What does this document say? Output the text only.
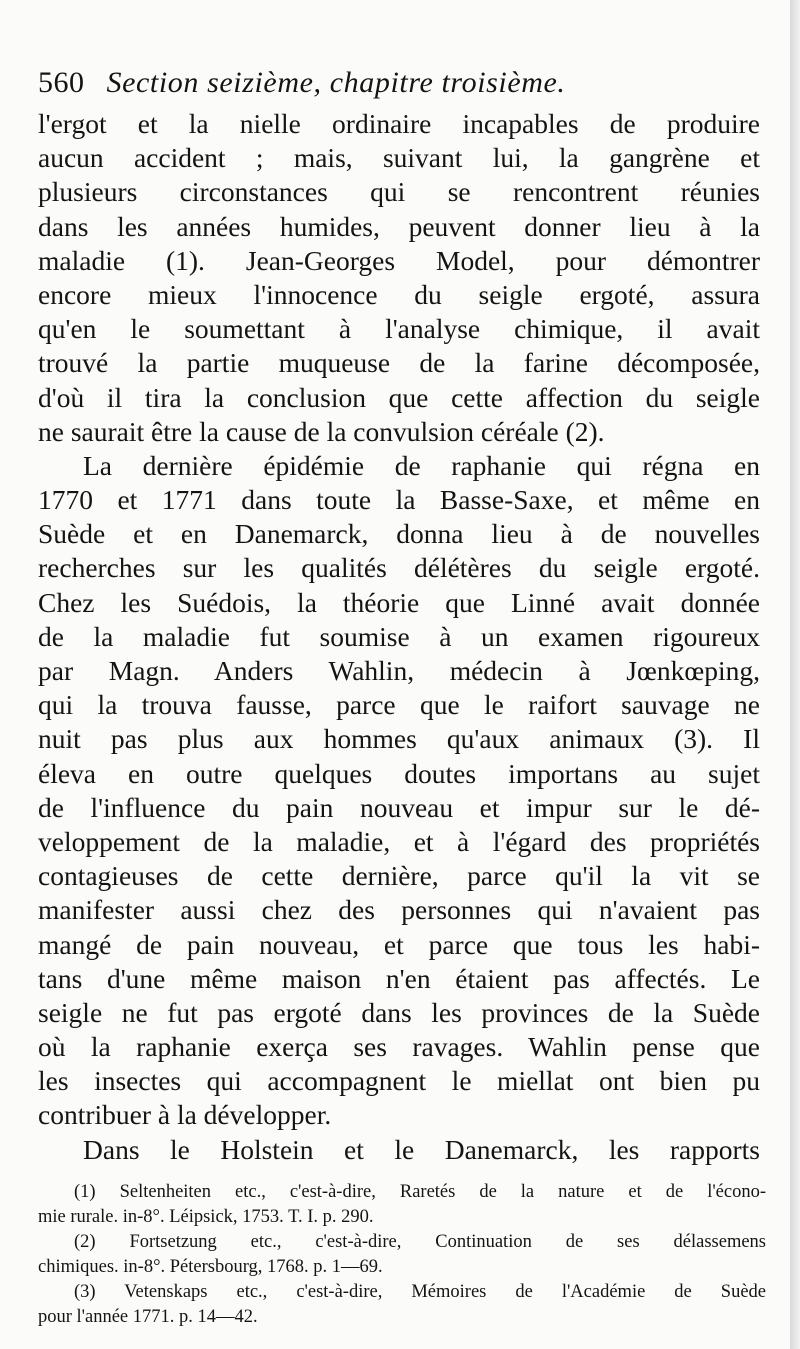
560 Section seizième, chapitre troisième.
l'ergot et la nielle ordinaire incapables de produire
aucun accident ; mais, suivant lui, la gangrène et
plusieurs circonstances qui se rencontrent réunies
dans les années humides, peuvent donner lieu à la
maladie (1). Jean-Georges Model, pour démontrer
encore mieux l'innocence du seigle ergoté, assura
qu'en le soumettant à l'analyse chimique, il avait
trouvé la partie muqueuse de la farine décomposée,
d'où il tira la conclusion que cette affection du seigle
ne saurait être la cause de la convulsion céréale (2).
La dernière épidémie de raphanie qui régna en
1770 et 1771 dans toute la Basse-Saxe, et même en
Suède et en Danemarck, donna lieu à de nouvelles
recherches sur les qualités délétères du seigle ergoté.
Chez les Suédois, la théorie que Linné avait donnée
de la maladie fut soumise à un examen rigoureux
par Magn. Anders Wahlin, médecin à Jœnkœping,
qui la trouva fausse, parce que le raifort sauvage ne
nuit pas plus aux hommes qu'aux animaux (3). Il
éleva en outre quelques doutes importans au sujet
de l'influence du pain nouveau et impur sur le dé-
veloppement de la maladie, et à l'égard des propriétés
contagieuses de cette dernière, parce qu'il la vit se
manifester aussi chez des personnes qui n'avaient pas
mangé de pain nouveau, et parce que tous les habi-
tans d'une même maison n'en étaient pas affectés. Le
seigle ne fut pas ergoté dans les provinces de la Suède
où la raphanie exerça ses ravages. Wahlin pense que
les insectes qui accompagnent le miellat ont bien pu
contribuer à la développer.
Dans le Holstein et le Danemarck, les rapports
(1) Seltenheiten etc., c'est-à-dire, Raretés de la nature et de l'écono-
mie rurale. in-8°. Léipsick, 1753. T. I. p. 290.
(2) Fortsetzung etc., c'est-à-dire, Continuation de ses délassemens
chimiques. in-8°. Pétersbourg, 1768. p. 1—69.
(3) Vetenskaps etc., c'est-à-dire, Mémoires de l'Académie de Suède
pour l'année 1771. p. 14—42.
